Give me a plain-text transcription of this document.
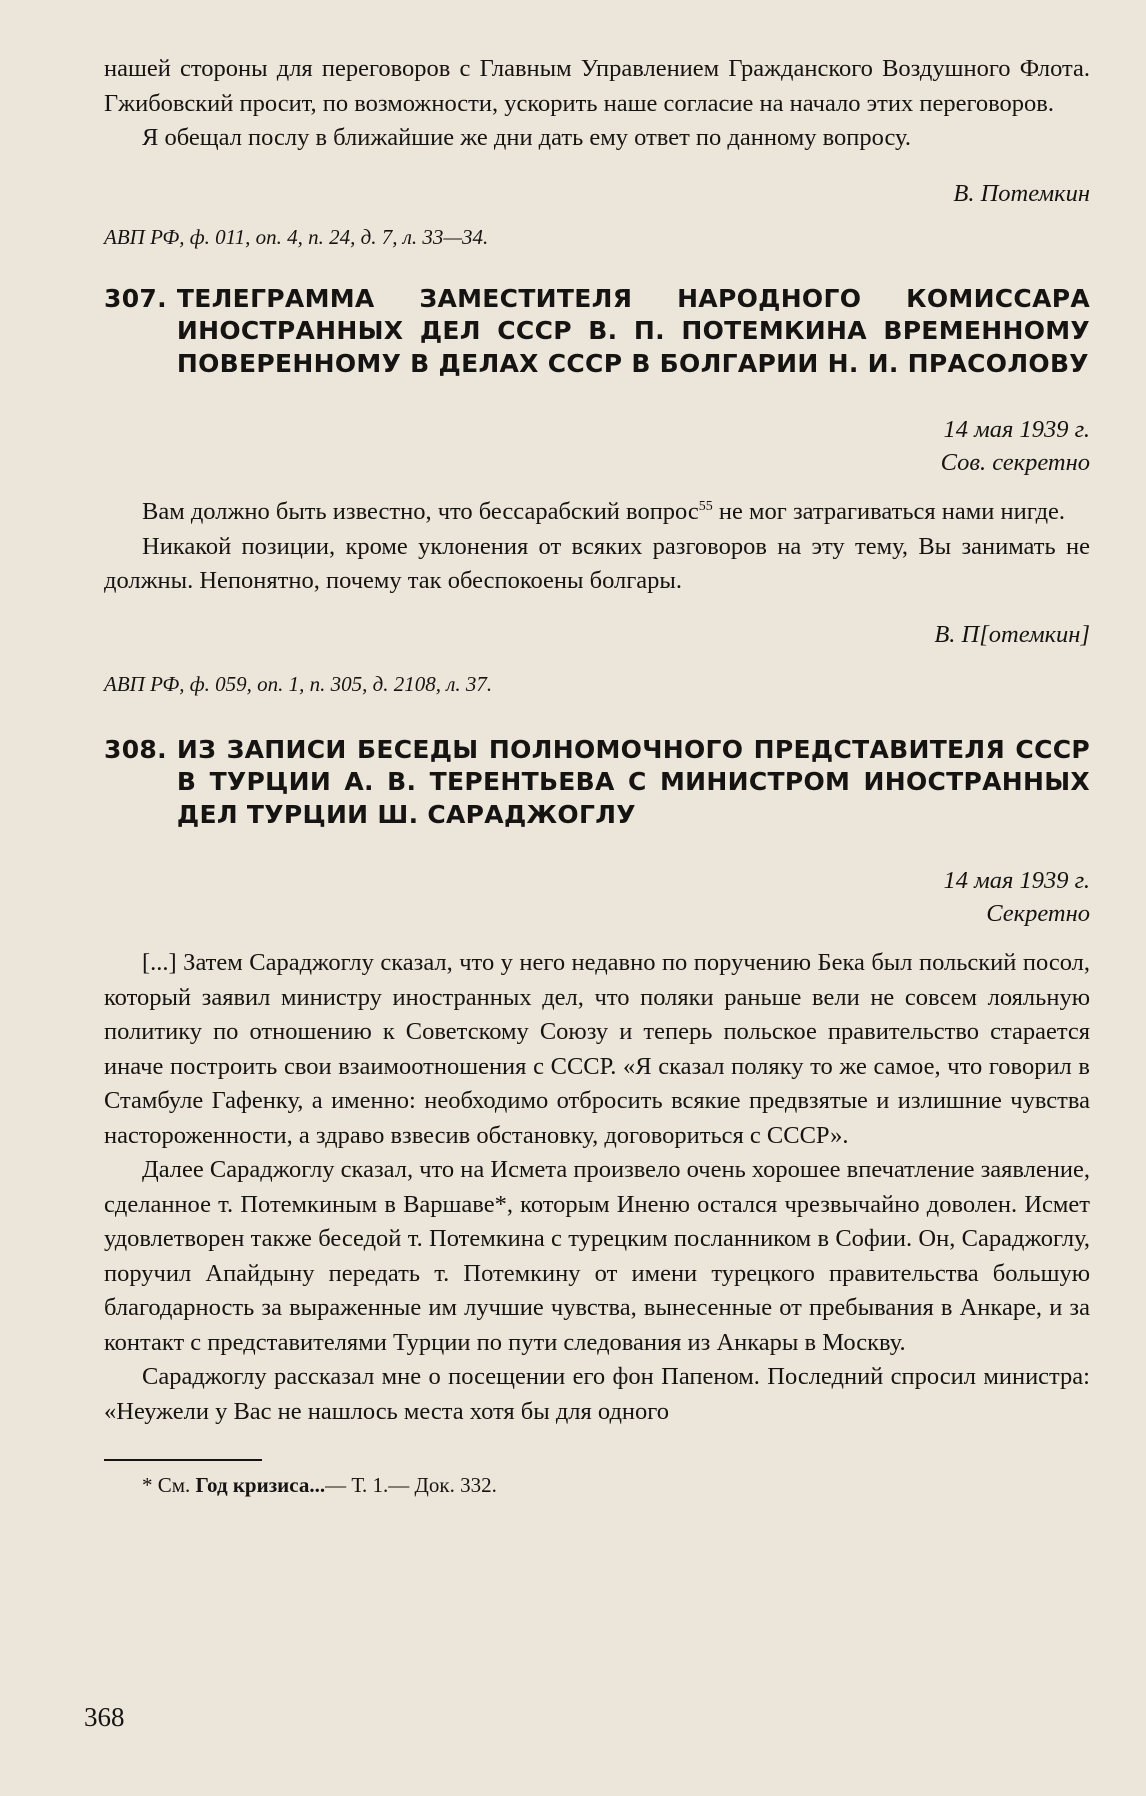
нашей стороны для переговоров с Главным Управлением Гражданского Воздушного Флота. Гжибовский просит, по возможности, ускорить наше согласие на начало этих переговоров.

Я обещал послу в ближайшие же дни дать ему ответ по данному вопросу.

В. Потемкин
АВП РФ, ф. 011, оп. 4, п. 24, д. 7, л. 33—34.
307. ТЕЛЕГРАММА ЗАМЕСТИТЕЛЯ НАРОДНОГО КОМИССАРА ИНОСТРАННЫХ ДЕЛ СССР В. П. ПОТЕМКИНА ВРЕМЕННОМУ ПОВЕРЕННОМУ В ДЕЛАХ СССР В БОЛГАРИИ Н. И. ПРАСОЛОВУ
14 мая 1939 г.
Сов. секретно

Вам должно быть известно, что бессарабский вопрос$^{55}$ не мог затрагиваться нами нигде.

Никакой позиции, кроме уклонения от всяких разговоров на эту тему, Вы занимать не должны. Непонятно, почему так обеспокоены болгары.

В. П[отемкин]
АВП РФ, ф. 059, оп. 1, п. 305, д. 2108, л. 37.
308. ИЗ ЗАПИСИ БЕСЕДЫ ПОЛНОМОЧНОГО ПРЕДСТАВИТЕЛЯ СССР В ТУРЦИИ А. В. ТЕРЕНТЬЕВА С МИНИСТРОМ ИНОСТРАННЫХ ДЕЛ ТУРЦИИ Ш. САРАДЖОГЛУ
14 мая 1939 г.
Секретно

[...] Затем Сараджоглу сказал, что у него недавно по поручению Бека был польский посол, который заявил министру иностранных дел, что поляки раньше вели не совсем лояльную политику по отношению к Советскому Союзу и теперь польское правительство старается иначе построить свои взаимоотношения с СССР. «Я сказал поляку то же самое, что говорил в Стамбуле Гафенку, а именно: необходимо отбросить всякие предвзятые и излишние чувства настороженности, а здраво взвесив обстановку, договориться с СССР».

Далее Сараджоглу сказал, что на Исмета произвело очень хорошее впечатление заявление, сделанное т. Потемкиным в Варшаве*, которым Иненю остался чрезвычайно доволен. Исмет удовлетворен также беседой т. Потемкина с турецким посланником в Софии. Он, Сараджоглу, поручил Апайдыну передать т. Потемкину от имени турецкого правительства большую благодарность за выраженные им лучшие чувства, вынесенные от пребывания в Анкаре, и за контакт с представителями Турции по пути следования из Анкары в Москву.

Сараджоглу рассказал мне о посещении его фон Папеном. Последний спросил министра: «Неужели у Вас не нашлось места хотя бы для одного

* См. Год кризиса...— Т. 1.— Док. 332.
368
